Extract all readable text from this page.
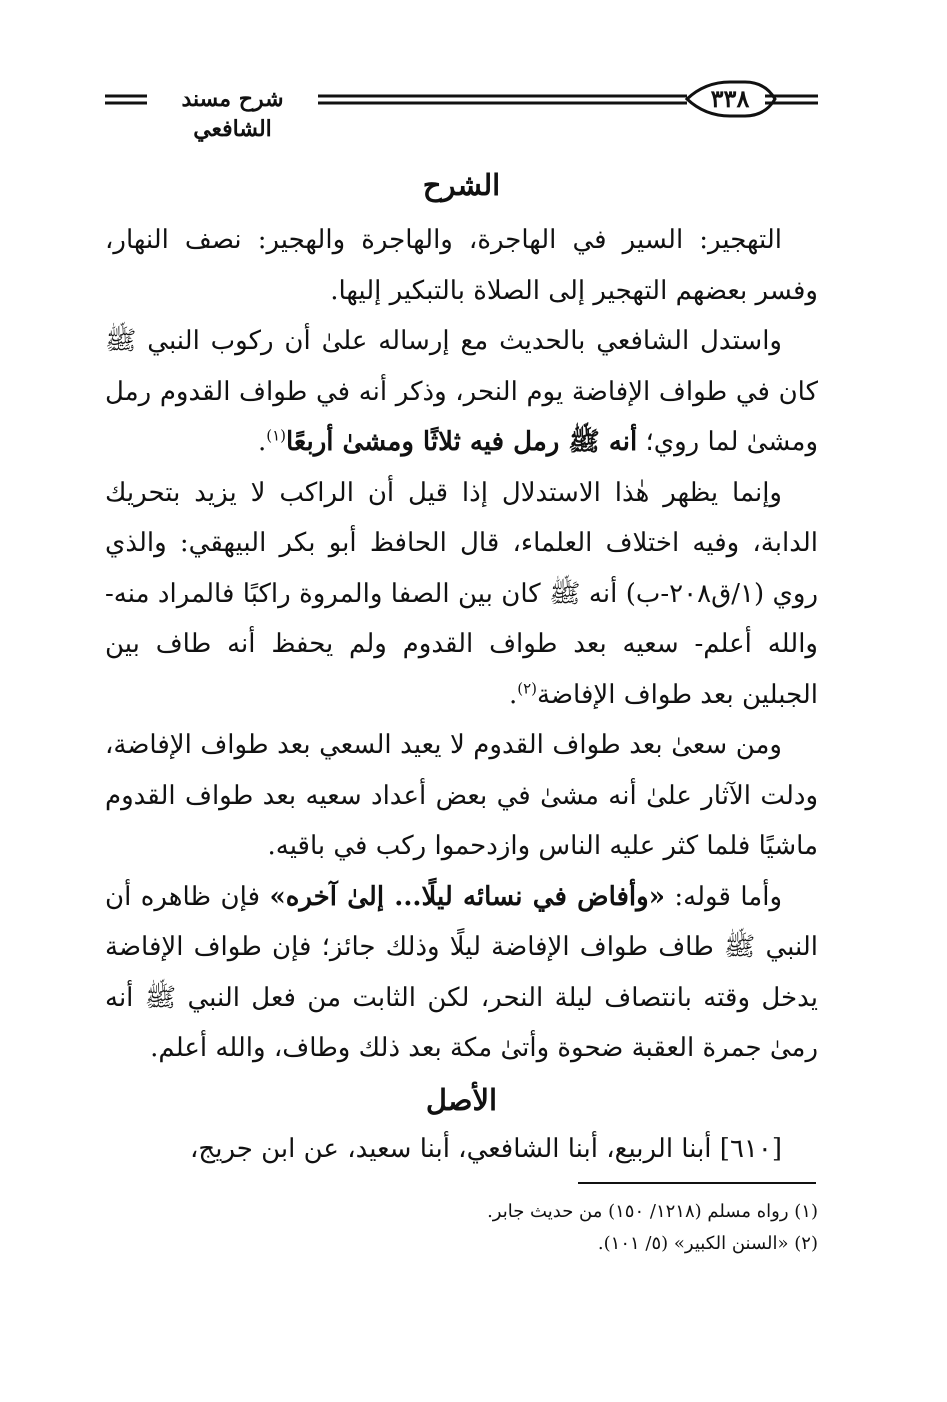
٣٣٨
شرح مسند الشافعي
الشرح

التهجير: السير في الهاجرة، والهاجرة والهجير: نصف النهار، وفسر بعضهم التهجير إلى الصلاة بالتبكير إليها.

واستدل الشافعي بالحديث مع إرساله علىٰ أن ركوب النبي ﷺ كان في طواف الإفاضة يوم النحر، وذكر أنه في طواف القدوم رمل ومشىٰ لما روي؛ أنه ﷺ رمل فيه ثلاثًا ومشىٰ أربعًا$^{(١)}$.

وإنما يظهر هٰذا الاستدلال إذا قيل أن الراكب لا يزيد بتحريك الدابة، وفيه اختلاف العلماء، قال الحافظ أبو بكر البيهقي: والذي روي (١/ق٢٠٨-ب) أنه ﷺ كان بين الصفا والمروة راكبًا فالمراد منه- والله أعلم- سعيه بعد طواف القدوم ولم يحفظ أنه طاف بين الجبلين بعد طواف الإفاضة$^{(٢)}$.

ومن سعىٰ بعد طواف القدوم لا يعيد السعي بعد طواف الإفاضة، ودلت الآثار علىٰ أنه مشىٰ في بعض أعداد سعيه بعد طواف القدوم ماشيًا فلما كثر عليه الناس وازدحموا ركب في باقيه.

وأما قوله: «وأفاض في نسائه ليلًا... إلىٰ آخره» فإن ظاهره أن النبي ﷺ طاف طواف الإفاضة ليلًا وذلك جائز؛ فإن طواف الإفاضة يدخل وقته بانتصاف ليلة النحر، لكن الثابت من فعل النبي ﷺ أنه رمىٰ جمرة العقبة ضحوة وأتىٰ مكة بعد ذلك وطاف، والله أعلم.

الأصل

[٦١٠] أبنا الربيع، أبنا الشافعي، أبنا سعيد، عن ابن جريج،

(١) رواه مسلم (١٢١٨/ ١٥٠) من حديث جابر.

(٢) «السنن الكبير» (٥/ ١٠١).
